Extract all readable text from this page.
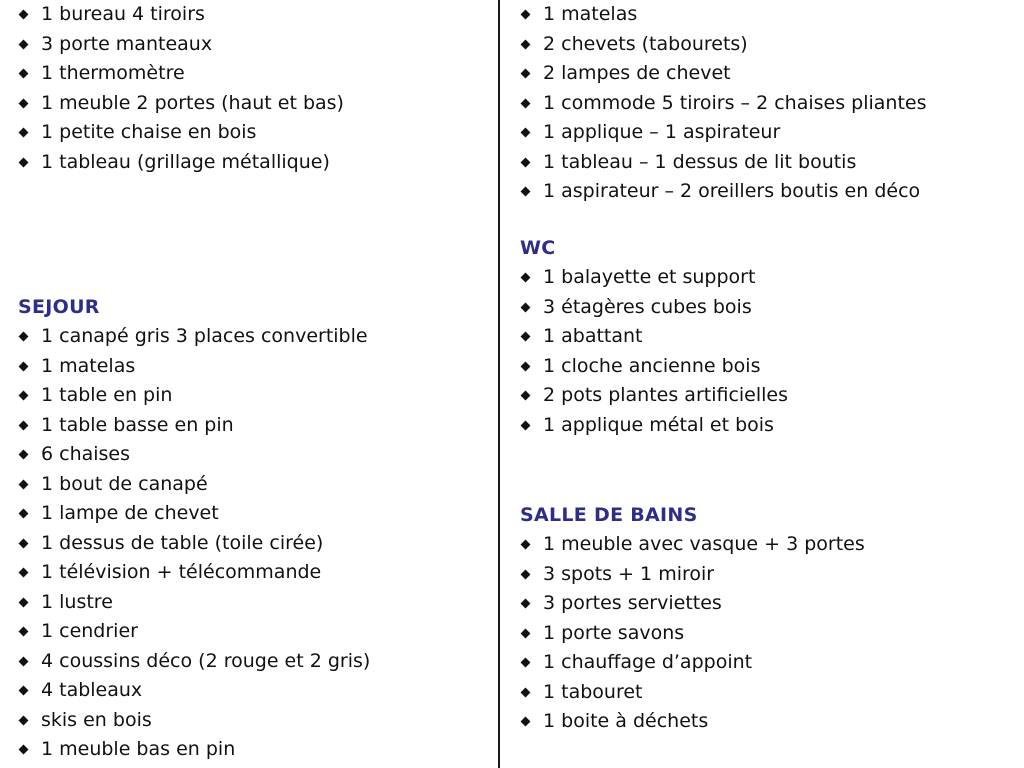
1 bureau 4 tiroirs
3 porte manteaux
1 thermomètre
1 meuble 2 portes (haut et bas)
1 petite chaise en bois
1 tableau (grillage métallique)
SEJOUR
1 canapé gris 3 places convertible
1 matelas
1 table en pin
1 table basse en pin
6 chaises
1 bout de canapé
1 lampe de chevet
1 dessus de table (toile cirée)
1 télévision + télécommande
1 lustre
1 cendrier
4 coussins déco (2 rouge et 2 gris)
4 tableaux
skis en bois
1 meuble bas en pin
1 matelas
2 chevets (tabourets)
2 lampes de chevet
1 commode 5 tiroirs – 2 chaises pliantes
1 applique – 1 aspirateur
1 tableau – 1 dessus de lit boutis
1 aspirateur – 2 oreillers boutis en déco
WC
1 balayette et support
3 étagères cubes bois
1 abattant
1 cloche ancienne bois
2 pots plantes artificielles
1 applique métal et bois
SALLE DE BAINS
1 meuble avec vasque + 3 portes
3 spots + 1 miroir
3 portes serviettes
1 porte savons
1 chauffage d’appoint
1 tabouret
1 boite à déchets
